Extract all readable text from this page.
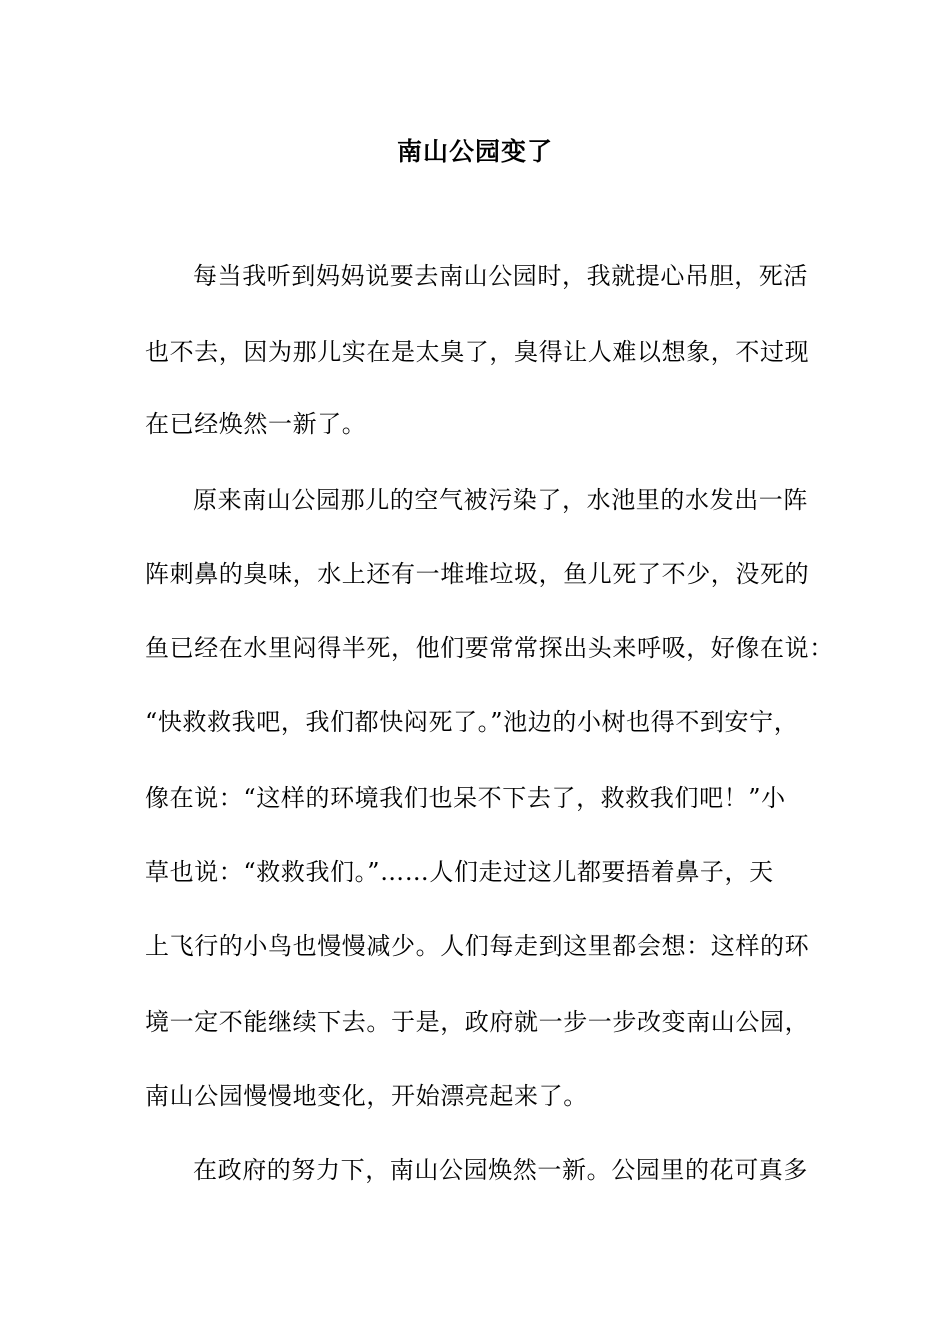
南山公园变了
每当我听到妈妈说要去南山公园时，我就提心吊胆，死活
也不去，因为那儿实在是太臭了，臭得让人难以想象，不过现
在已经焕然一新了。
原来南山公园那儿的空气被污染了，水池里的水发出一阵
阵刺鼻的臭味，水上还有一堆堆垃圾，鱼儿死了不少，没死的
鱼已经在水里闷得半死，他们要常常探出头来呼吸，好像在说：
“快救救我吧，我们都快闷死了。”池边的小树也得不到安宁，
像在说：“这样的环境我们也呆不下去了，救救我们吧！”小
草也说：“救救我们。”……人们走过这儿都要捂着鼻子，天
上飞行的小鸟也慢慢减少。人们每走到这里都会想：这样的环
境一定不能继续下去。于是，政府就一步一步改变南山公园，
南山公园慢慢地变化，开始漂亮起来了。
在政府的努力下，南山公园焕然一新。公园里的花可真多
